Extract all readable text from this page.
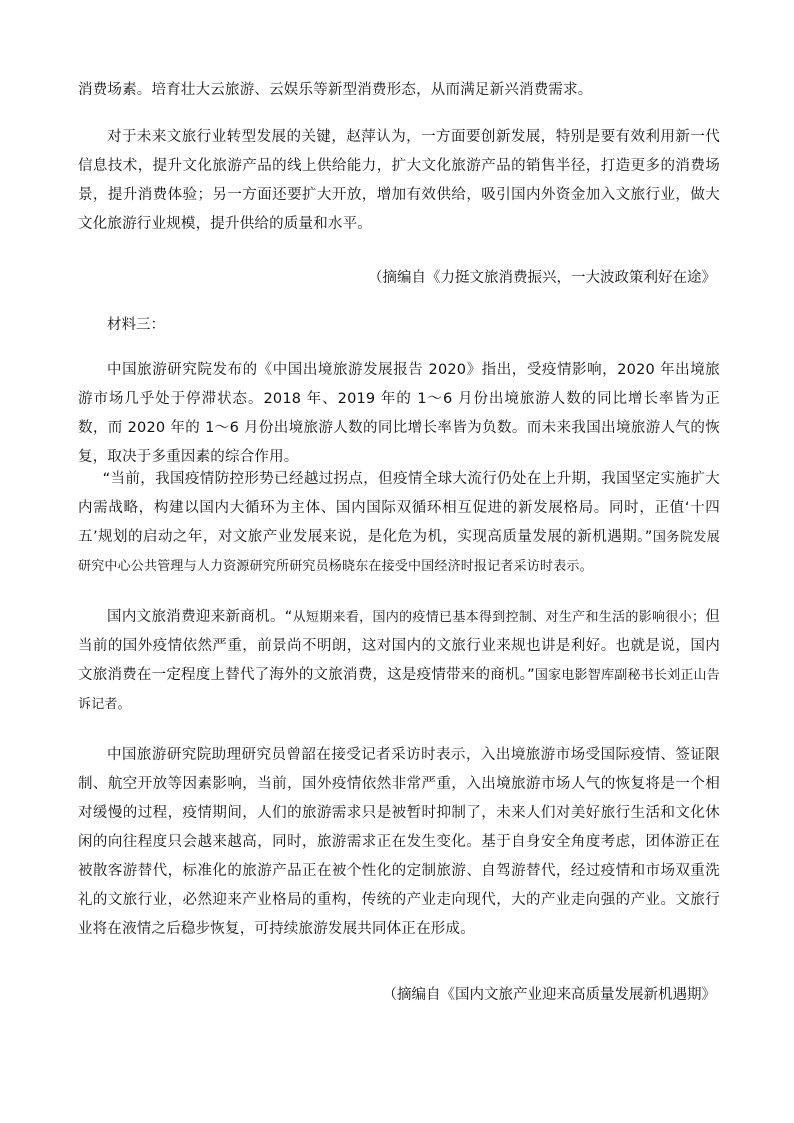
消费场素。培育壮大云旅游、云娱乐等新型消费形态，从而满足新兴消费需求。

对于未来文旅行业转型发展的关键，赵萍认为，一方面要创新发展，特别是要有效利用新一代信息技术，提升文化旅游产品的线上供给能力，扩大文化旅游产品的销售半径，打造更多的消费场景，提升消费体验；另一方面还要扩大开放，增加有效供给，吸引国内外资金加入文旅行业，做大文化旅游行业规模，提升供给的质量和水平。

（摘编自《力挺文旅消费振兴，一大波政策利好在途》

材料三：

中国旅游研究院发布的《中国出境旅游发展报告 2020》指出，受疫情影响，2020 年出境旅游市场几乎处于停滞状态。2018 年、2019 年的 1～6 月份出境旅游人数的同比增长率皆为正数，而 2020 年的 1～6 月份出境旅游人数的同比增长率皆为负数。而未来我国出境旅游人气的恢复，取决于多重因素的综合作用。

“当前，我国疫情防控形势已经越过拐点，但疫情全球大流行仍处在上升期，我国坚定实施扩大内需战略，构建以国内大循环为主体、国内国际双循环相互促进的新发展格局。同时，正值‘十四五’规划的启动之年，对文旅产业发展来说，是化危为机，实现高质量发展的新机遇期。”国务院发展研究中心公共管理与人力资源研究所研究员杨晓东在接受中国经济时报记者采访时表示。

国内文旅消费迎来新商机。“从短期来看，国内的疫情已基本得到控制、对生产和生活的影响很小；但当前的国外疫情依然严重，前景尚不明朗，这对国内的文旅行业来规也讲是利好。也就是说，国内文旅消费在一定程度上替代了海外的文旅消费，这是疫情带来的商机。”国家电影智库副秘书长刘正山告诉记者。

中国旅游研究院助理研究员曾韶在接受记者采访时表示，入出境旅游市场受国际疫情、签证限制、航空开放等因素影响，当前，国外疫情依然非常严重，入出境旅游市场人气的恢复将是一个相对缓慢的过程，疫情期间，人们的旅游需求只是被暂时抑制了，未来人们对美好旅行生活和文化休闲的向往程度只会越来越高，同时，旅游需求正在发生变化。基于自身安全角度考虑，团体游正在被散客游替代，标准化的旅游产品正在被个性化的定制旅游、自驾游替代，经过疫情和市场双重洗礼的文旅行业，必然迎来产业格局的重构，传统的产业走向现代，大的产业走向强的产业。文旅行业将在液情之后稳步恢复，可持续旅游发展共同体正在形成。

（摘编自《国内文旅产业迎来高质量发展新机遇期》
